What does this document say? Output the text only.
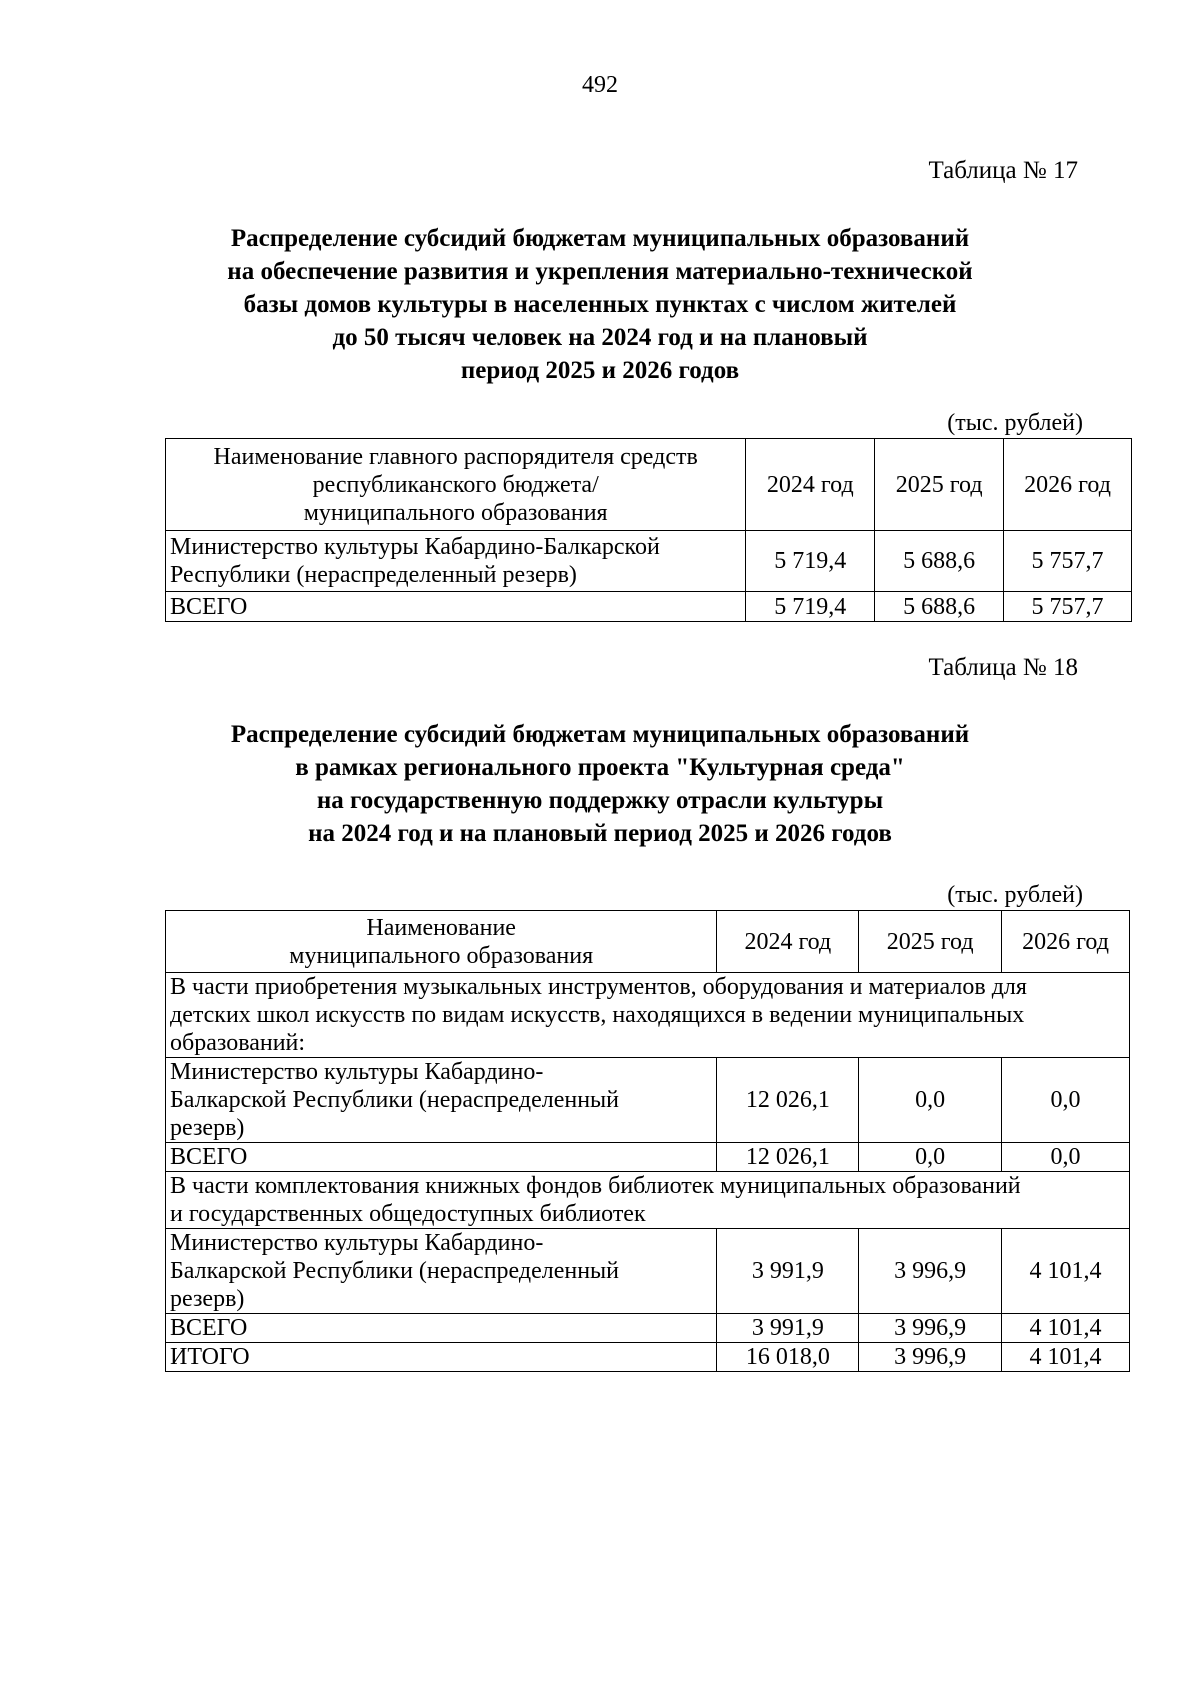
492
Таблица № 17
Распределение субсидий бюджетам муниципальных образований
на обеспечение развития и укрепления материально-технической
базы домов культуры в населенных пунктах с числом жителей
до 50 тысяч человек на 2024 год и на плановый
период 2025 и 2026 годов
(тыс. рублей)
Наименование главного распорядителя средств
республиканского бюджета/
муниципального образования	2024 год	2025 год	2026 год

Министерство культуры Кабардино-Балкарской
Республики (нераспределенный резерв)	5 719,4	5 688,6	5 757,7
ВСЕГО	5 719,4	5 688,6	5 757,7
Таблица № 18
Распределение субсидий бюджетам муниципальных образований
в рамках регионального проекта "Культурная среда"
на государственную поддержку отрасли культуры
на 2024 год и на плановый период 2025 и 2026 годов
(тыс. рублей)
Наименование
муниципального образования	2024 год	2025 год	2026 год

В части приобретения музыкальных инструментов, оборудования и материалов для
детских школ искусств по видам искусств, находящихся в ведении муниципальных
образований:			

Министерство культуры Кабардино-
Балкарской Республики (нераспределенный
резерв)	12 026,1	0,0	0,0
ВСЕГО	12 026,1	0,0	0,0

В части комплектования книжных фондов библиотек муниципальных образований
и государственных общедоступных библиотек			

Министерство культуры Кабардино-
Балкарской Республики (нераспределенный
резерв)	3 991,9	3 996,9	4 101,4
ВСЕГО	3 991,9	3 996,9	4 101,4
ИТОГО	16 018,0	3 996,9	4 101,4
